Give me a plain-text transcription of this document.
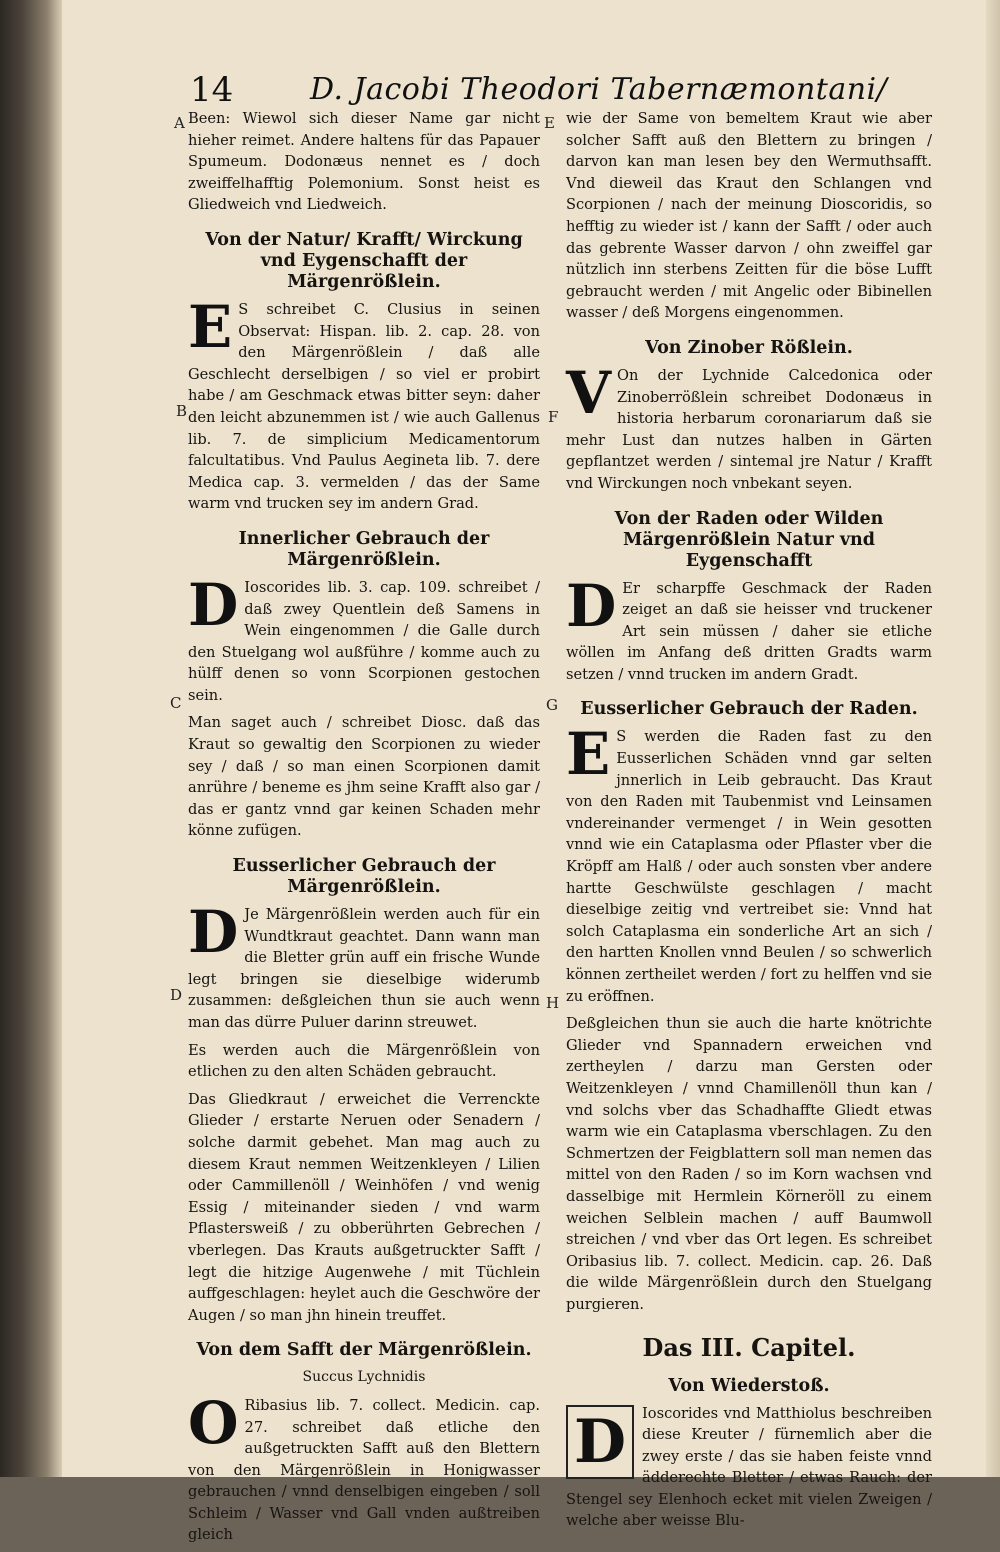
14	D. Jacobi Theodori Tabernæmontani/
A
B
C
D
E
F
G
H

Been: Wiewol sich dieser Name gar nicht hieher reimet. Andere haltens für das Papauer Spumeum. Dodonæus nennet es / doch zweiffelhafftig Polemonium. Sonst heist es Gliedweich vnd Liedweich.

Von der Natur/ Krafft/ Wirckung vnd Eygenschafft der Märgenrößlein.

E S schreibet C. Clusius in seinen Observat: Hispan. lib. 2. cap. 28. von den Märgenrößlein / daß alle Geschlecht derselbigen / so viel er probirt habe / am Geschmack etwas bitter seyn: daher den leicht abzunemmen ist / wie auch Gallenus lib. 7. de simplicium Medicamentorum falcultatibus. Vnd Paulus Aegineta lib. 7. dere Medica cap. 3. vermelden / das der Same warm vnd trucken sey im andern Grad.

Innerlicher Gebrauch der Märgenrößlein.

D Ioscorides lib. 3. cap. 109. schreibet / daß zwey Quentlein deß Samens in Wein eingenommen / die Galle durch den Stuelgang wol außführe / komme auch zu hülff denen so vonn Scorpionen gestochen sein.

Man saget auch / schreibet Diosc. daß das Kraut so gewaltig den Scorpionen zu wieder sey / daß / so man einen Scorpionen damit anrühre / beneme es jhm seine Krafft also gar / das er gantz vnnd gar keinen Schaden mehr könne zufügen.

Eusserlicher Gebrauch der Märgenrößlein.

D Je Märgenrößlein werden auch für ein Wundtkraut geachtet. Dann wann man die Bletter grün auff ein frische Wunde legt bringen sie dieselbige widerumb zusammen: deßgleichen thun sie auch wenn man das dürre Puluer darinn streuwet.

Es werden auch die Märgenrößlein von etlichen zu den alten Schäden gebraucht.

Das Gliedkraut / erweichet die Verrenckte Glieder / erstarte Neruen oder Senadern / solche darmit gebehet. Man mag auch zu diesem Kraut nemmen Weitzenkleyen / Lilien oder Cammillenöll / Weinhöfen / vnd wenig Essig / miteinander sieden / vnd warm Pflastersweiß / zu obberührten Gebrechen / vberlegen. Das Krauts außgetruckter Safft / legt die hitzige Augenwehe / mit Tüchlein auffgeschlagen: heylet auch die Geschwöre der Augen / so man jhn hinein treuffet.

Von dem Safft der Märgenrößlein.
Succus Lychnidis

O Ribasius lib. 7. collect. Medicin. cap. 27. schreibet daß etliche den außgetruckten Safft auß den Blettern von den Märgenrößlein in Honigwasser gebrauchen / vnnd denselbigen eingeben / soll Schleim / Wasser vnd Gall vnden außtreiben gleich

wie der Same von bemeltem Kraut wie aber solcher Safft auß den Blettern zu bringen / darvon kan man lesen bey den Wermuthsafft. Vnd dieweil das Kraut den Schlangen vnd Scorpionen / nach der meinung Dioscoridis, so hefftig zu wieder ist / kann der Safft / oder auch das gebrente Wasser darvon / ohn zweiffel gar nützlich inn sterbens Zeitten für die böse Lufft gebraucht werden / mit Angelic oder Bibinellen wasser / deß Morgens eingenommen.

Von Zinober Rößlein.

V On der Lychnide Calcedonica oder Zinoberrößlein schreibet Dodonæus in historia herbarum coronariarum daß sie mehr Lust dan nutzes halben in Gärten gepflantzet werden / sintemal jre Natur / Krafft vnd Wirckungen noch vnbekant seyen.

Von der Raden oder Wilden Märgenrößlein Natur vnd Eygenschafft

D Er scharpffe Geschmack der Raden zeiget an daß sie heisser vnd truckener Art sein müssen / daher sie etliche wöllen im Anfang deß dritten Gradts warm setzen / vnnd trucken im andern Gradt.

Eusserlicher Gebrauch der Raden.

E S werden die Raden fast zu den Eusserlichen Schäden vnnd gar selten jnnerlich in Leib gebraucht. Das Kraut von den Raden mit Taubenmist vnd Leinsamen vndereinander vermenget / in Wein gesotten vnnd wie ein Cataplasma oder Pflaster vber die Kröpff am Halß / oder auch sonsten vber andere hartte Geschwülste geschlagen / macht dieselbige zeitig vnd vertreibet sie: Vnnd hat solch Cataplasma ein sonderliche Art an sich / den hartten Knollen vnnd Beulen / so schwerlich können zertheilet werden / fort zu helffen vnd sie zu eröffnen.

Deßgleichen thun sie auch die harte knötrichte Glieder vnd Spannadern erweichen vnd zertheylen / darzu man Gersten oder Weitzenkleyen / vnnd Chamillenöll thun kan / vnd solchs vber das Schadhaffte Gliedt etwas warm wie ein Cataplasma vberschlagen. Zu den Schmertzen der Feigblattern soll man nemen das mittel von den Raden / so im Korn wachsen vnd dasselbige mit Hermlein Körneröll zu einem weichen Selblein machen / auff Baumwoll streichen / vnd vber das Ort legen. Es schreibet Oribasius lib. 7. collect. Medicin. cap. 26. Daß die wilde Märgenrößlein durch den Stuelgang purgieren.

Das III. Capitel.
Von Wiederstoß.

D	Ioscorides vnd Matthiolus beschreiben diese Kreuter / fürnemlich aber die zwey erste / das sie haben feiste vnnd ädderechte Bletter / etwas Rauch: der Stengel sey Elenhoch ecket mit vielen Zweigen / welche aber weisse Blu-
